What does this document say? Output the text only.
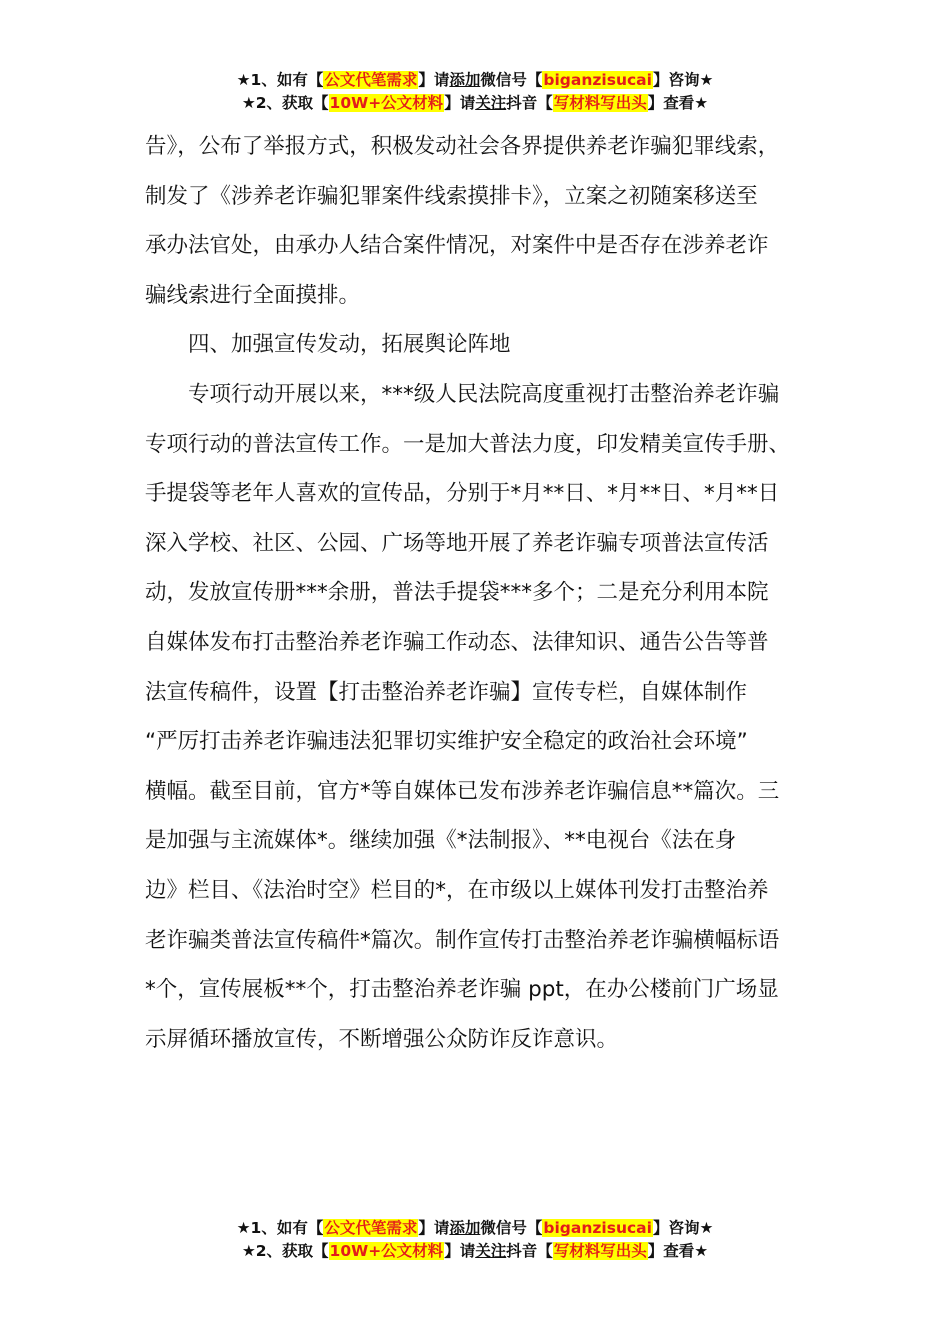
★1、如有【公文代笔需求】请添加微信号【biganzisucai】咨询★
★2、获取【10W+公文材料】请关注抖音【写材料写出头】查看★

告》，公布了举报方式，积极发动社会各界提供养老诈骗犯罪线索，

制发了《涉养老诈骗犯罪案件线索摸排卡》，立案之初随案移送至

承办法官处，由承办人结合案件情况，对案件中是否存在涉养老诈

骗线索进行全面摸排。

　　四、加强宣传发动，拓展舆论阵地

　　专项行动开展以来，***级人民法院高度重视打击整治养老诈骗

专项行动的普法宣传工作。一是加大普法力度，印发精美宣传手册、

手提袋等老年人喜欢的宣传品，分别于*月**日、*月**日、*月**日

深入学校、社区、公园、广场等地开展了养老诈骗专项普法宣传活

动，发放宣传册***余册，普法手提袋***多个；二是充分利用本院

自媒体发布打击整治养老诈骗工作动态、法律知识、通告公告等普

法宣传稿件，设置【打击整治养老诈骗】宣传专栏，自媒体制作

“严厉打击养老诈骗违法犯罪切实维护安全稳定的政治社会环境”

横幅。截至目前，官方*等自媒体已发布涉养老诈骗信息**篇次。三

是加强与主流媒体*。继续加强《*法制报》、**电视台《法在身

边》栏目、《法治时空》栏目的*，在市级以上媒体刊发打击整治养

老诈骗类普法宣传稿件*篇次。制作宣传打击整治养老诈骗横幅标语

*个，宣传展板**个，打击整治养老诈骗 ppt，在办公楼前门广场显

示屏循环播放宣传，不断增强公众防诈反诈意识。

★1、如有【公文代笔需求】请添加微信号【biganzisucai】咨询★
★2、获取【10W+公文材料】请关注抖音【写材料写出头】查看★
